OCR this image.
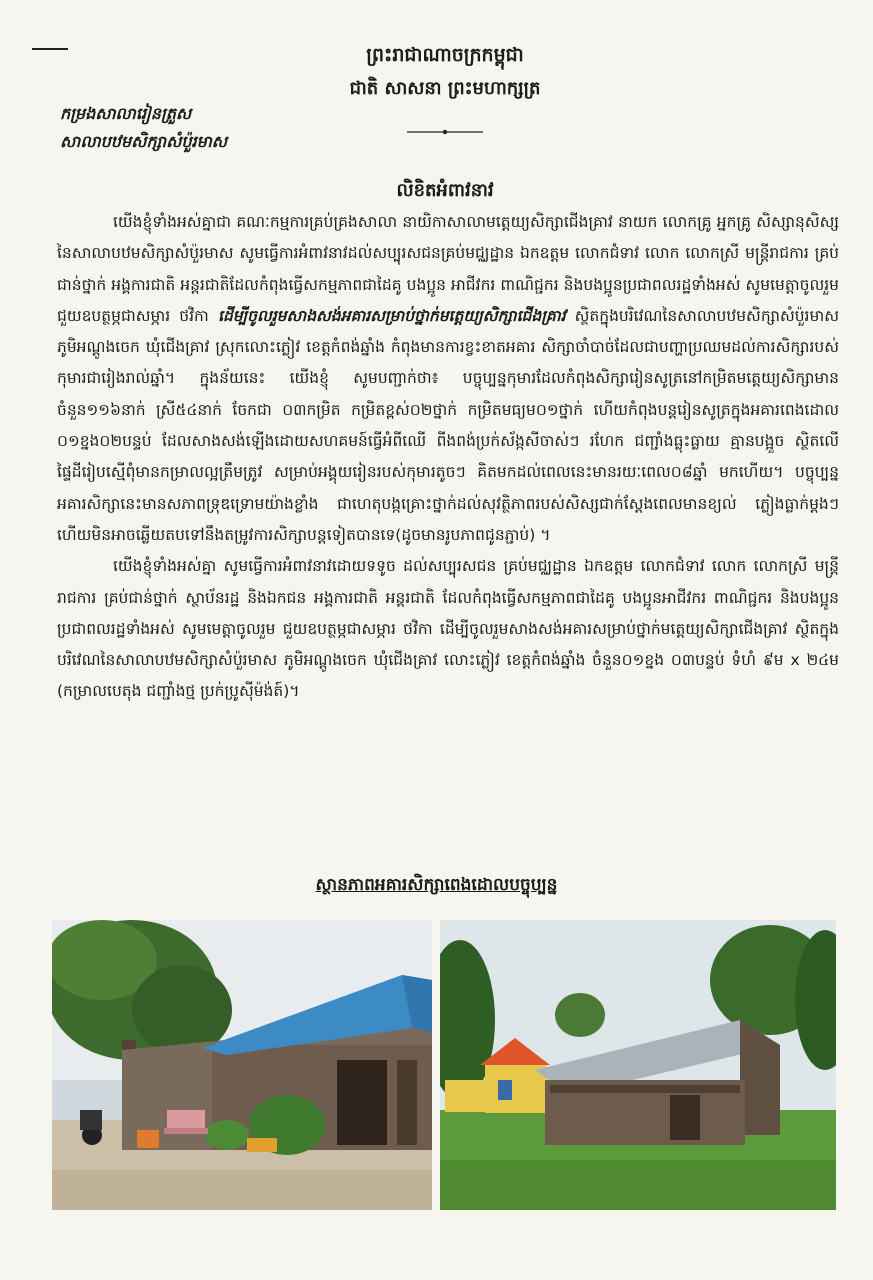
ព្រះរាជាណាចក្រកម្ពុជា
ជាតិ សាសនា ព្រះមហាក្សត្រ
កម្រងសាលារៀនត្រួស
សាលាបឋមសិក្សាសំប៉ួរមាស
លិខិតអំពាវនាវ

យើងខ្ញុំទាំងអស់គ្នាជា គណៈកម្មការគ្រប់គ្រងសាលា នាយិកាសាលាមត្តេយ្យសិក្សាជើងគ្រាវ នាយក លោកគ្រូ អ្នកគ្រូ សិស្សានុសិស្ស នៃសាលាបឋមសិក្សាសំប៉ួរមាស សូមធ្វើការអំពាវនាវដល់សប្បុរសជនគ្រប់មជ្ឈដ្ឋាន ឯកឧត្តម លោកជំទាវ លោក លោកស្រី មន្ត្រីរាជការ គ្រប់ជាន់ថ្នាក់ អង្គការជាតិ អន្តរជាតិដែលកំពុងធ្វើសកម្មភាពជាដៃគូ បងប្អូន អាជីវករ ពាណិជ្ជករ និងបងប្អូនប្រជាពលរដ្ឋទាំងអស់ សូមមេត្តាចូលរួម ជួយឧបត្ថម្ភជាសម្ភារ ថវិកា ដើម្បីចូលរួមសាងសង់អគារសម្រាប់ថ្នាក់មត្តេយ្យសិក្សាជើងគ្រាវ ស្ថិតក្នុងបរិវេណនៃសាលាបឋមសិក្សាសំប៉ួរមាស ភូមិអណ្តូងចេក ឃុំជើងគ្រាវ ស្រុកលោះភ្លៀវ ខេត្តកំពង់ឆ្នាំង កំពុងមានការខ្វះខាតអគារ សិក្សាចាំបាច់ដែលជាបញ្ហាប្រឈមដល់ការសិក្សារបស់កុមារជារៀងរាល់ឆ្នាំ។ ក្នុងន័យនេះ យើងខ្ញុំ សូមបញ្ជាក់ថា៖ បច្ចុប្បន្នកុមារដែលកំពុងសិក្សារៀនសូត្រនៅកម្រិតមត្តេយ្យសិក្សាមានចំនួន១១៦នាក់ ស្រី៥៤នាក់ ចែកជា ០៣កម្រិត កម្រិតខ្ពស់០២ថ្នាក់ កម្រិតមធ្យម០១ថ្នាក់ ហើយកំពុងបន្តរៀនសូត្រក្នុងអគារពេងដោល ០១ខ្នង០២បន្ទប់ ដែលសាងសង់ឡើងដោយសហគមន៍ធ្វើអំពីឈើ ពីងពង់ប្រក់ស័ង្កសីចាស់ៗ រហែក ជញ្ជាំងធ្លុះធ្លាយ គ្មានបង្អួច ស្ថិតលើផ្ទៃដីរៀបស្មើពុំមានកម្រាលល្អត្រឹមត្រូវ សម្រាប់អង្គុយរៀនរបស់កុមារតូចៗ គិតមកដល់ពេលនេះមានរយៈពេល០៨ឆ្នាំ មកហើយ។ បច្ចុប្បន្ន អគារសិក្សានេះមានសភាពទ្រុឌទ្រោមយ៉ាងខ្លាំង ជាហេតុបង្កគ្រោះថ្នាក់ដល់សុវត្ថិភាពរបស់សិស្សជាក់ស្តែងពេលមានខ្យល់ ភ្លៀងធ្លាក់ម្តងៗ ហើយមិនអាចឆ្លើយតបទៅនឹងតម្រូវការសិក្សាបន្តទៀតបានទេ(ដូចមានរូបភាពជូនភ្ជាប់) ។

យើងខ្ញុំទាំងអស់គ្នា សូមធ្វើការអំពាវនាវដោយទទូច ដល់សប្បុរសជន គ្រប់មជ្ឈដ្ឋាន ឯកឧត្តម លោកជំទាវ លោក លោកស្រី មន្ត្រីរាជការ គ្រប់ជាន់ថ្នាក់ ស្ថាប័នរដ្ឋ និងឯកជន អង្គការជាតិ អន្តរជាតិ ដែលកំពុងធ្វើសកម្មភាពជាដៃគូ បងប្អូនអាជីវករ ពាណិជ្ជករ និងបងប្អូនប្រជាពលរដ្ឋទាំងអស់ សូមមេត្តាចូលរួម ជួយឧបត្ថម្ភជាសម្ភារ ថវិកា ដើម្បីចូលរួមសាងសង់អគារសម្រាប់ថ្នាក់មត្តេយ្យសិក្សាជើងគ្រាវ ស្ថិតក្នុងបរិវេណនៃសាលាបឋមសិក្សាសំប៉ួរមាស ភូមិអណ្តូងចេក ឃុំជើងគ្រាវ លោះភ្លៀវ ខេត្តកំពង់ឆ្នាំង ចំនួន០១ខ្នង ០៣បន្ទប់ ទំហំ ៩ម x ២៤ម (កម្រាលបេតុង ជញ្ជាំងថ្ម ប្រក់ប្រូស៊ីម៉ង់ត៍)។

ស្ថានភាពអគារសិក្សាពេងដោលបច្ចុប្បន្ន
